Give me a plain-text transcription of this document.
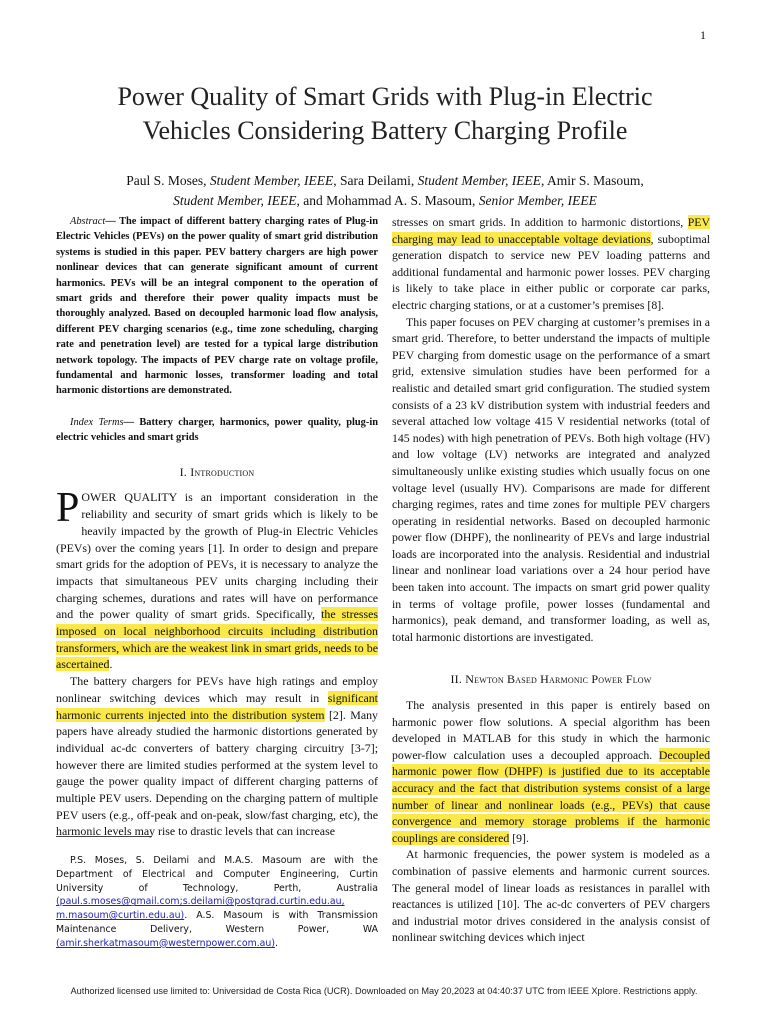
1
Power Quality of Smart Grids with Plug-in Electric
Vehicles Considering Battery Charging Profile
Paul S. Moses, Student Member, IEEE, Sara Deilami, Student Member, IEEE, Amir S. Masoum,
Student Member, IEEE, and Mohammad A. S. Masoum, Senior Member, IEEE

Abstract— The impact of different battery charging rates of Plug-in Electric Vehicles (PEVs) on the power quality of smart grid distribution systems is studied in this paper. PEV battery chargers are high power nonlinear devices that can generate significant amount of current harmonics. PEVs will be an integral component to the operation of smart grids and therefore their power quality impacts must be thoroughly analyzed. Based on decoupled harmonic load flow analysis, different PEV charging scenarios (e.g., time zone scheduling, charging rate and penetration level) are tested for a typical large distribution network topology. The impacts of PEV charge rate on voltage profile, fundamental and harmonic losses, transformer loading and total harmonic distortions are demonstrated.

Index Terms— Battery charger, harmonics, power quality, plug-in electric vehicles and smart grids

I. Introduction

POWER QUALITY is an important consideration in the reliability and security of smart grids which is likely to be heavily impacted by the growth of Plug-in Electric Vehicles (PEVs) over the coming years [1]. In order to design and prepare smart grids for the adoption of PEVs, it is necessary to analyze the impacts that simultaneous PEV units charging including their charging schemes, durations and rates will have on performance and the power quality of smart grids. Specifically, the stresses imposed on local neighborhood circuits including distribution transformers, which are the weakest link in smart grids, needs to be ascertained.

The battery chargers for PEVs have high ratings and employ nonlinear switching devices which may result in significant harmonic currents injected into the distribution system [2]. Many papers have already studied the harmonic distortions generated by individual ac-dc converters of battery charging circuitry [3-7]; however there are limited studies performed at the system level to gauge the power quality impact of different charging patterns of multiple PEV users. Depending on the charging pattern of multiple PEV users (e.g., off-peak and on-peak, slow/fast charging, etc), the harmonic levels may rise to drastic levels that can increase

stresses on smart grids. In addition to harmonic distortions, PEV charging may lead to unacceptable voltage deviations, suboptimal generation dispatch to service new PEV loading patterns and additional fundamental and harmonic power losses. PEV charging is likely to take place in either public or corporate car parks, electric charging stations, or at a customer’s premises [8].

This paper focuses on PEV charging at customer’s premises in a smart grid. Therefore, to better understand the impacts of multiple PEV charging from domestic usage on the performance of a smart grid, extensive simulation studies have been performed for a realistic and detailed smart grid configuration. The studied system consists of a 23 kV distribution system with industrial feeders and several attached low voltage 415 V residential networks (total of 145 nodes) with high penetration of PEVs. Both high voltage (HV) and low voltage (LV) networks are integrated and analyzed simultaneously unlike existing studies which usually focus on one voltage level (usually HV). Comparisons are made for different charging regimes, rates and time zones for multiple PEV chargers operating in residential networks. Based on decoupled harmonic power flow (DHPF), the nonlinearity of PEVs and large industrial loads are incorporated into the analysis. Residential and industrial linear and nonlinear load variations over a 24 hour period have been taken into account. The impacts on smart grid power quality in terms of voltage profile, power losses (fundamental and harmonics), peak demand, and transformer loading, as well as, total harmonic distortions are investigated.

II. Newton Based Harmonic Power Flow

The analysis presented in this paper is entirely based on harmonic power flow solutions. A special algorithm has been developed in MATLAB for this study in which the harmonic power-flow calculation uses a decoupled approach. Decoupled harmonic power flow (DHPF) is justified due to its acceptable accuracy and the fact that distribution systems consist of a large number of linear and nonlinear loads (e.g., PEVs) that cause convergence and memory storage problems if the harmonic couplings are considered [9].

At harmonic frequencies, the power system is modeled as a combination of passive elements and harmonic current sources. The general model of linear loads as resistances in parallel with reactances is utilized [10]. The ac-dc converters of PEV chargers and industrial motor drives considered in the analysis consist of nonlinear switching devices which inject

P.S. Moses, S. Deilami and M.A.S. Masoum are with the Department of Electrical and Computer Engineering, Curtin University of Technology, Perth, Australia (paul.s.moses@gmail.com;s.deilami@postgrad.curtin.edu.au, m.masoum@curtin.edu.au). A.S. Masoum is with Transmission Maintenance Delivery, Western Power, WA (amir.sherkatmasoum@westernpower.com.au).
Authorized licensed use limited to: Universidad de Costa Rica (UCR). Downloaded on May 20,2023 at 04:40:37 UTC from IEEE Xplore. Restrictions apply.
